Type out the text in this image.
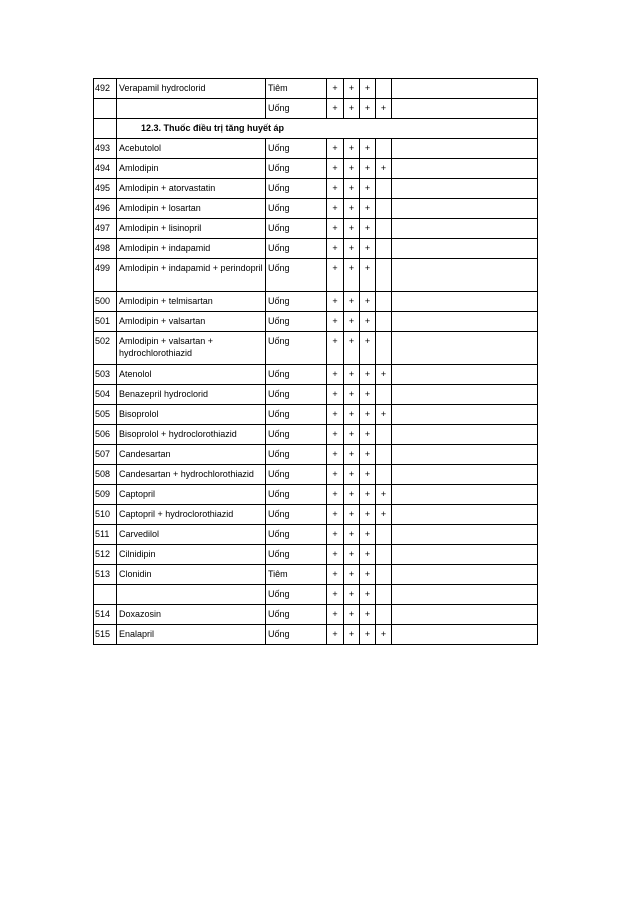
492	Verapamil hydroclorid	Tiêm	+	+	+		
		Uống	+	+	+	+	
	12.3. Thuốc điều trị tăng huyết áp						
493	Acebutolol	Uống	+	+	+		
494	Amlodipin	Uống	+	+	+	+	
495	Amlodipin + atorvastatin	Uống	+	+	+		
496	Amlodipin + losartan	Uống	+	+	+		
497	Amlodipin + lisinopril	Uống	+	+	+		
498	Amlodipin + indapamid	Uống	+	+	+		
499	Amlodipin + indapamid + perindopril	Uống	+	+	+		
500	Amlodipin + telmisartan	Uống	+	+	+		
501	Amlodipin + valsartan	Uống	+	+	+		
502	Amlodipin + valsartan + hydrochlorothiazid	Uống	+	+	+		
503	Atenolol	Uống	+	+	+	+	
504	Benazepril hydroclorid	Uống	+	+	+		
505	Bisoprolol	Uống	+	+	+	+	
506	Bisoprolol + hydroclorothiazid	Uống	+	+	+		
507	Candesartan	Uống	+	+	+		
508	Candesartan + hydrochlorothiazid	Uống	+	+	+		
509	Captopril	Uống	+	+	+	+	
510	Captopril + hydroclorothiazid	Uống	+	+	+	+	
511	Carvedilol	Uống	+	+	+		
512	Cilnidipin	Uống	+	+	+		
513	Clonidin	Tiêm	+	+	+		
		Uống	+	+	+		
514	Doxazosin	Uống	+	+	+		
515	Enalapril	Uống	+	+	+	+	
